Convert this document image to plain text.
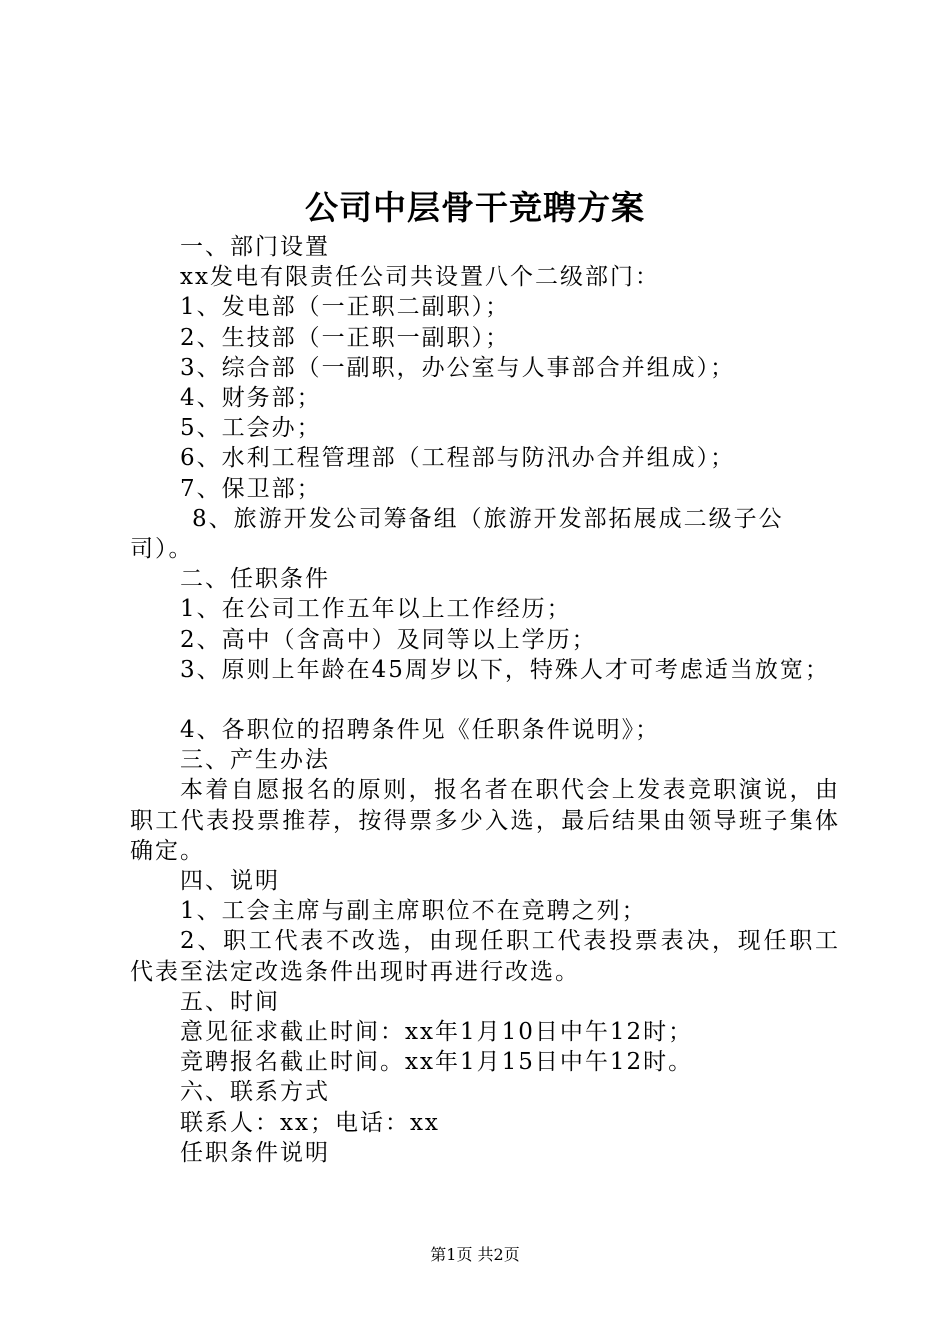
公司中层骨干竞聘方案

一、部门设置

xx发电有限责任公司共设置八个二级部门：

1、发电部（一正职二副职）；

2、生技部（一正职一副职）；

3、综合部（一副职，办公室与人事部合并组成）；

4、财务部；

5、工会办；

6、水利工程管理部（工程部与防汛办合并组成）；

7、保卫部；

8、旅游开发公司筹备组（旅游开发部拓展成二级子公司）。

二、任职条件

1、在公司工作五年以上工作经历；

2、高中（含高中）及同等以上学历；

3、原则上年龄在45周岁以下，特殊人才可考虑适当放宽；

4、各职位的招聘条件见《任职条件说明》；

三、产生办法

本着自愿报名的原则，报名者在职代会上发表竞职演说，由职工代表投票推荐，按得票多少入选，最后结果由领导班子集体确定。

四、说明

1、工会主席与副主席职位不在竞聘之列；

2、职工代表不改选，由现任职工代表投票表决，现任职工代表至法定改选条件出现时再进行改选。

五、时间

意见征求截止时间：xx年1月10日中午12时；

竞聘报名截止时间。xx年1月15日中午12时。

六、联系方式

联系人：xx；电话：xx

任职条件说明

第1页 共2页
